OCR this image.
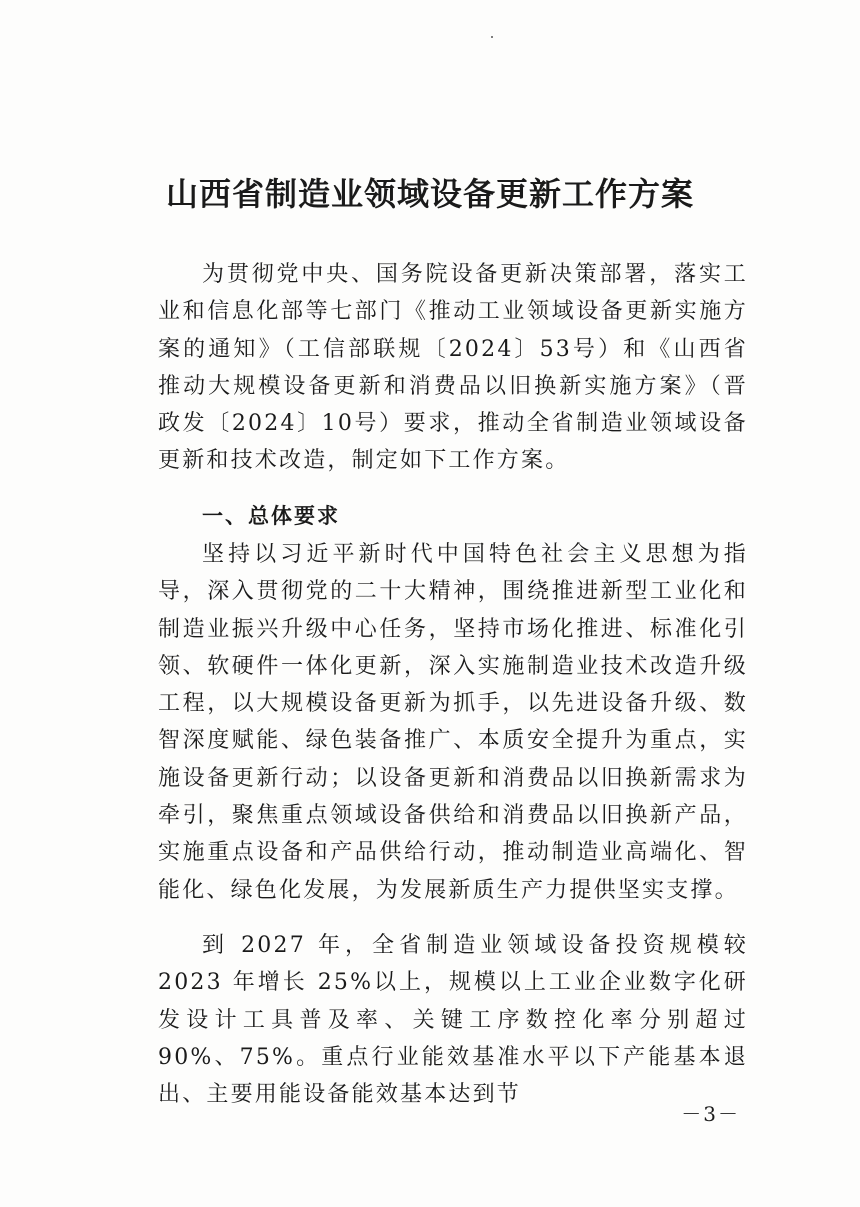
山西省制造业领域设备更新工作方案

为贯彻党中央、国务院设备更新决策部署，落实工业和信息化部等七部门《推动工业领域设备更新实施方案的通知》（工信部联规〔2024〕53号）和《山西省推动大规模设备更新和消费品以旧换新实施方案》（晋政发〔2024〕10号）要求，推动全省制造业领域设备更新和技术改造，制定如下工作方案。

一、总体要求

坚持以习近平新时代中国特色社会主义思想为指导，深入贯彻党的二十大精神，围绕推进新型工业化和制造业振兴升级中心任务，坚持市场化推进、标准化引领、软硬件一体化更新，深入实施制造业技术改造升级工程，以大规模设备更新为抓手，以先进设备升级、数智深度赋能、绿色装备推广、本质安全提升为重点，实施设备更新行动；以设备更新和消费品以旧换新需求为牵引，聚焦重点领域设备供给和消费品以旧换新产品，实施重点设备和产品供给行动，推动制造业高端化、智能化、绿色化发展，为发展新质生产力提供坚实支撑。

到 2027 年，全省制造业领域设备投资规模较 2023 年增长 25%以上，规模以上工业企业数字化研发设计工具普及率、关键工序数控化率分别超过 90%、75%。重点行业能效基准水平以下产能基本退出、主要用能设备能效基本达到节

－3－
